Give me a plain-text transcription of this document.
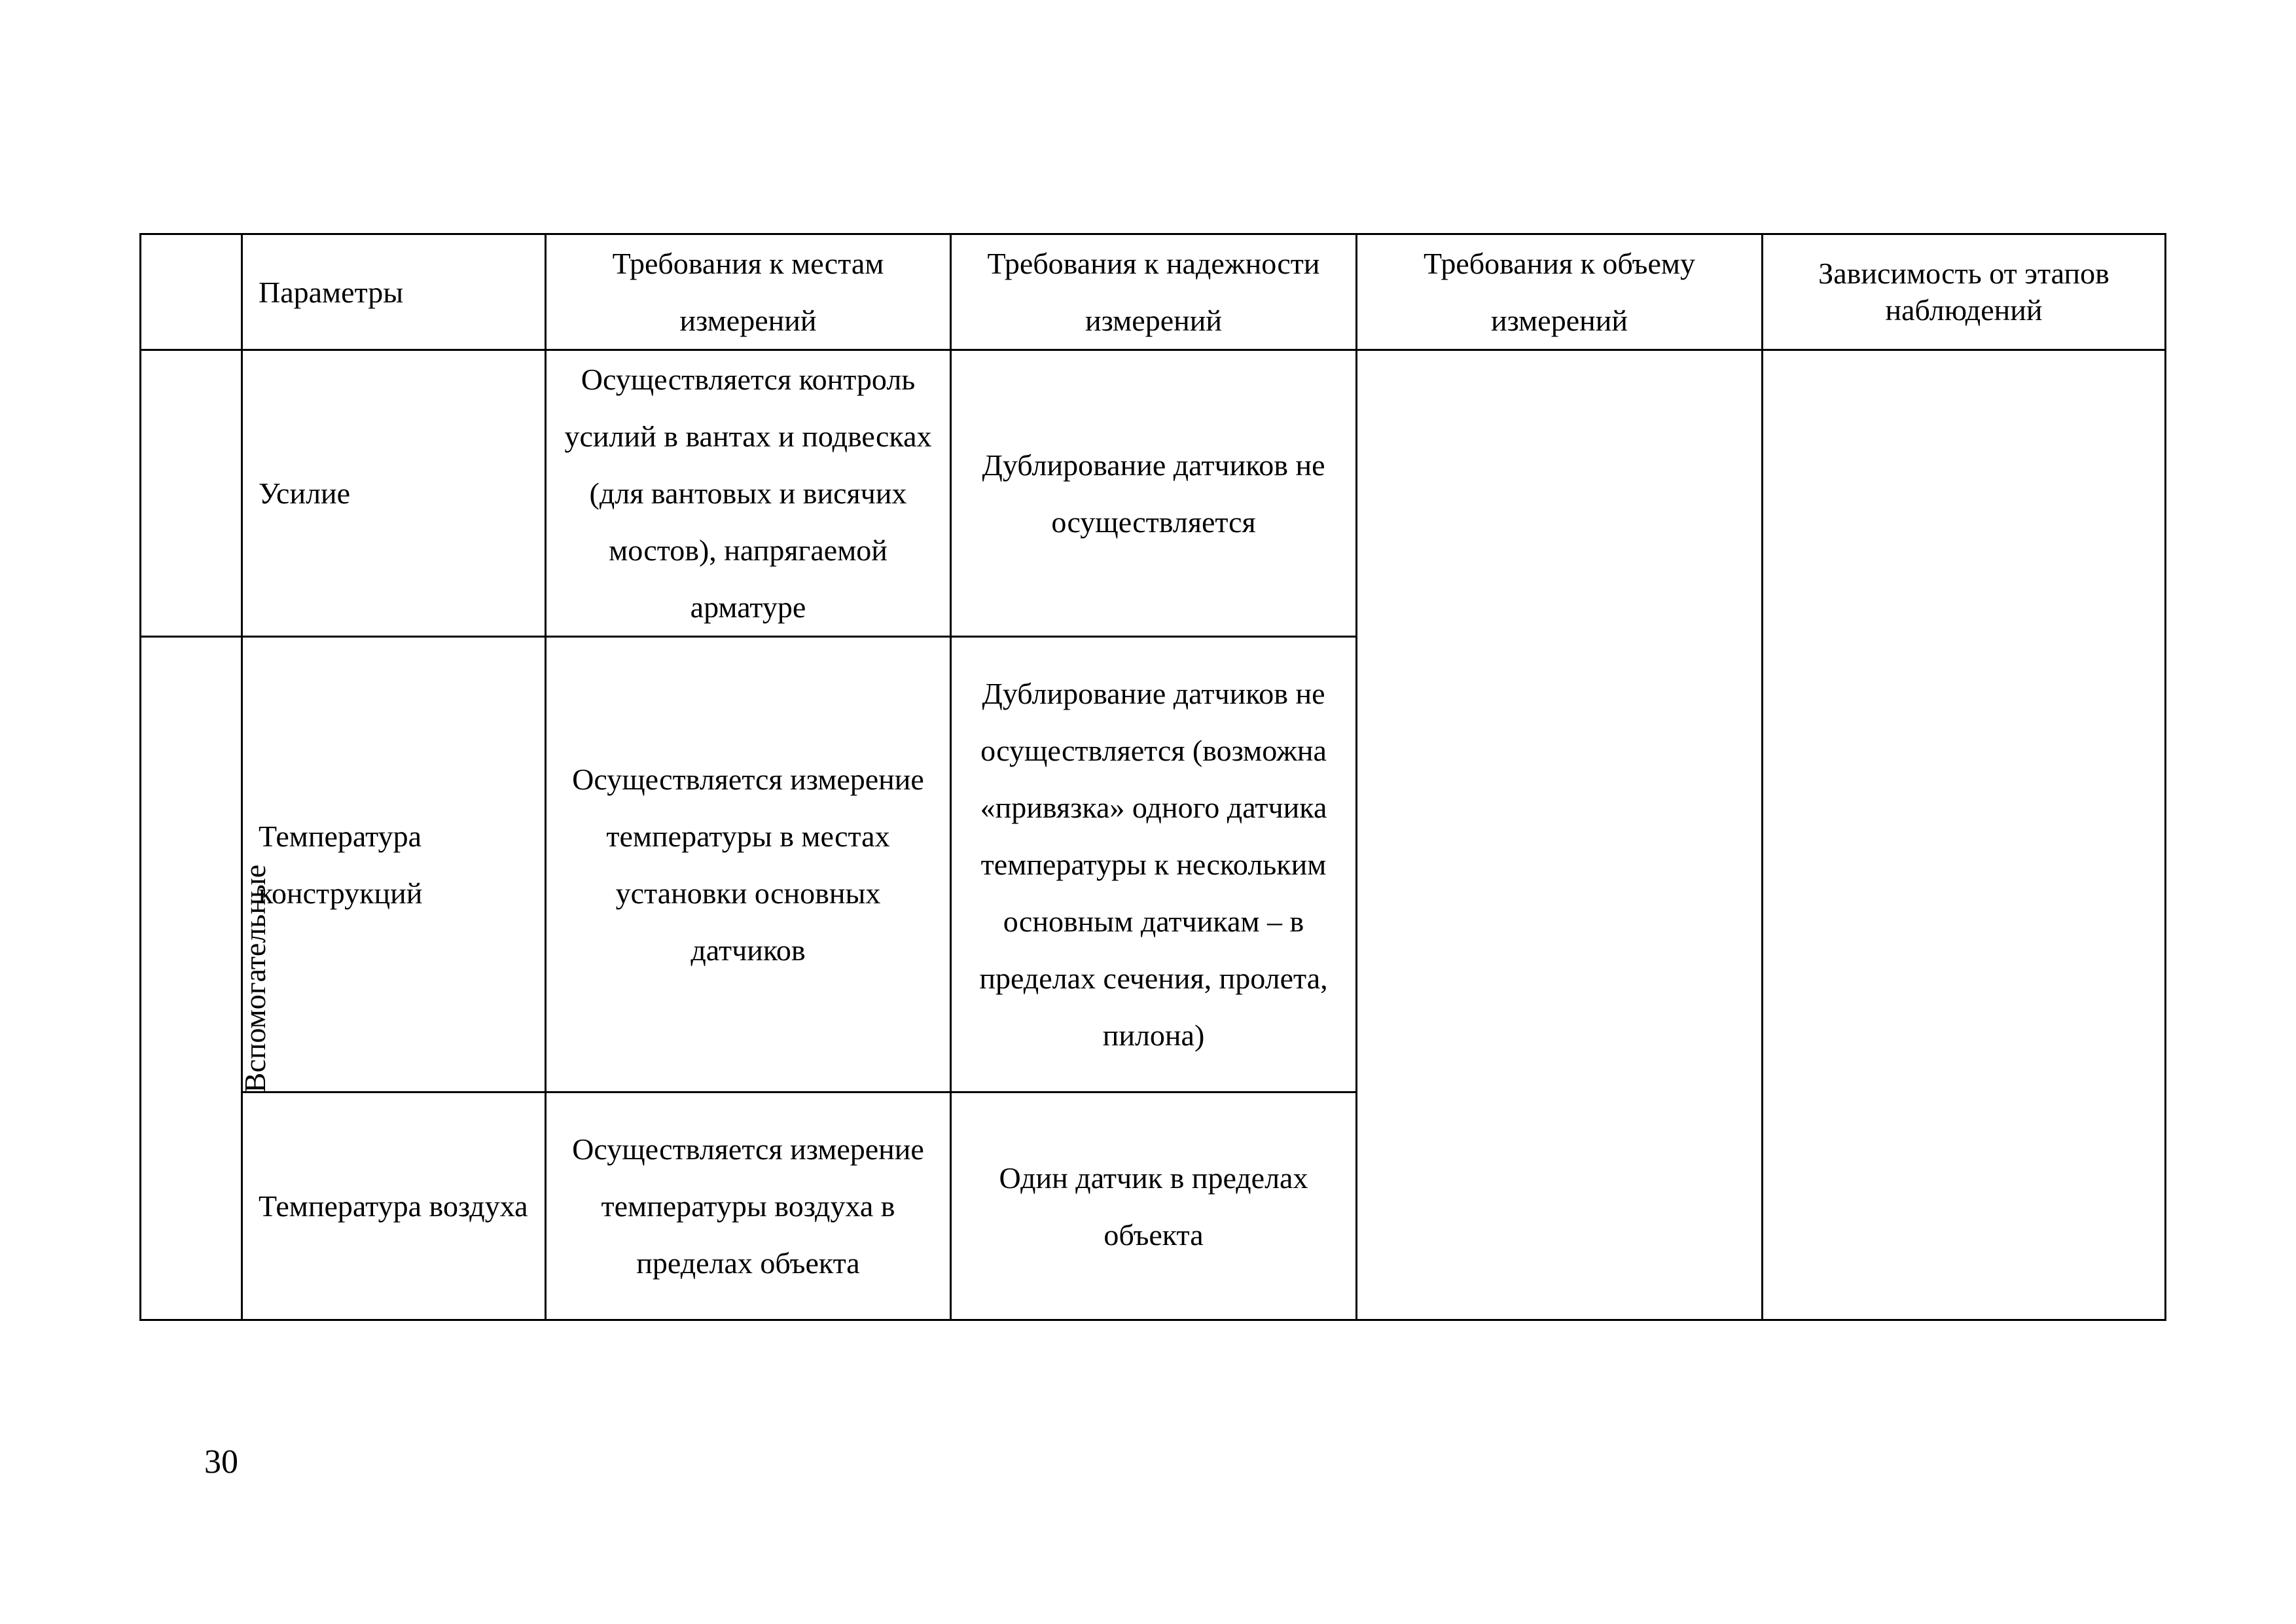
	Параметры	Требования к местам измерений	Требования к надежности измерений	Требования к объему измерений	Зависимость от этапов наблюдений
	Усилие	Осуществляется контроль усилий в вантах и подвесках (для вантовых и висячих мостов), напрягаемой арматуре	Дублирование датчиков не осуществляется		
Вспомогательные	Температура конструкций	Осуществляется измерение температуры в местах установки основных датчиков	Дублирование датчиков не осуществляется (возможна «привязка» одного датчика температуры к нескольким основным датчикам – в пределах сечения, пролета, пилона)		
	Температура воздуха	Осуществляется измерение температуры воздуха в пределах объекта	Один датчик в пределах объекта		
30
